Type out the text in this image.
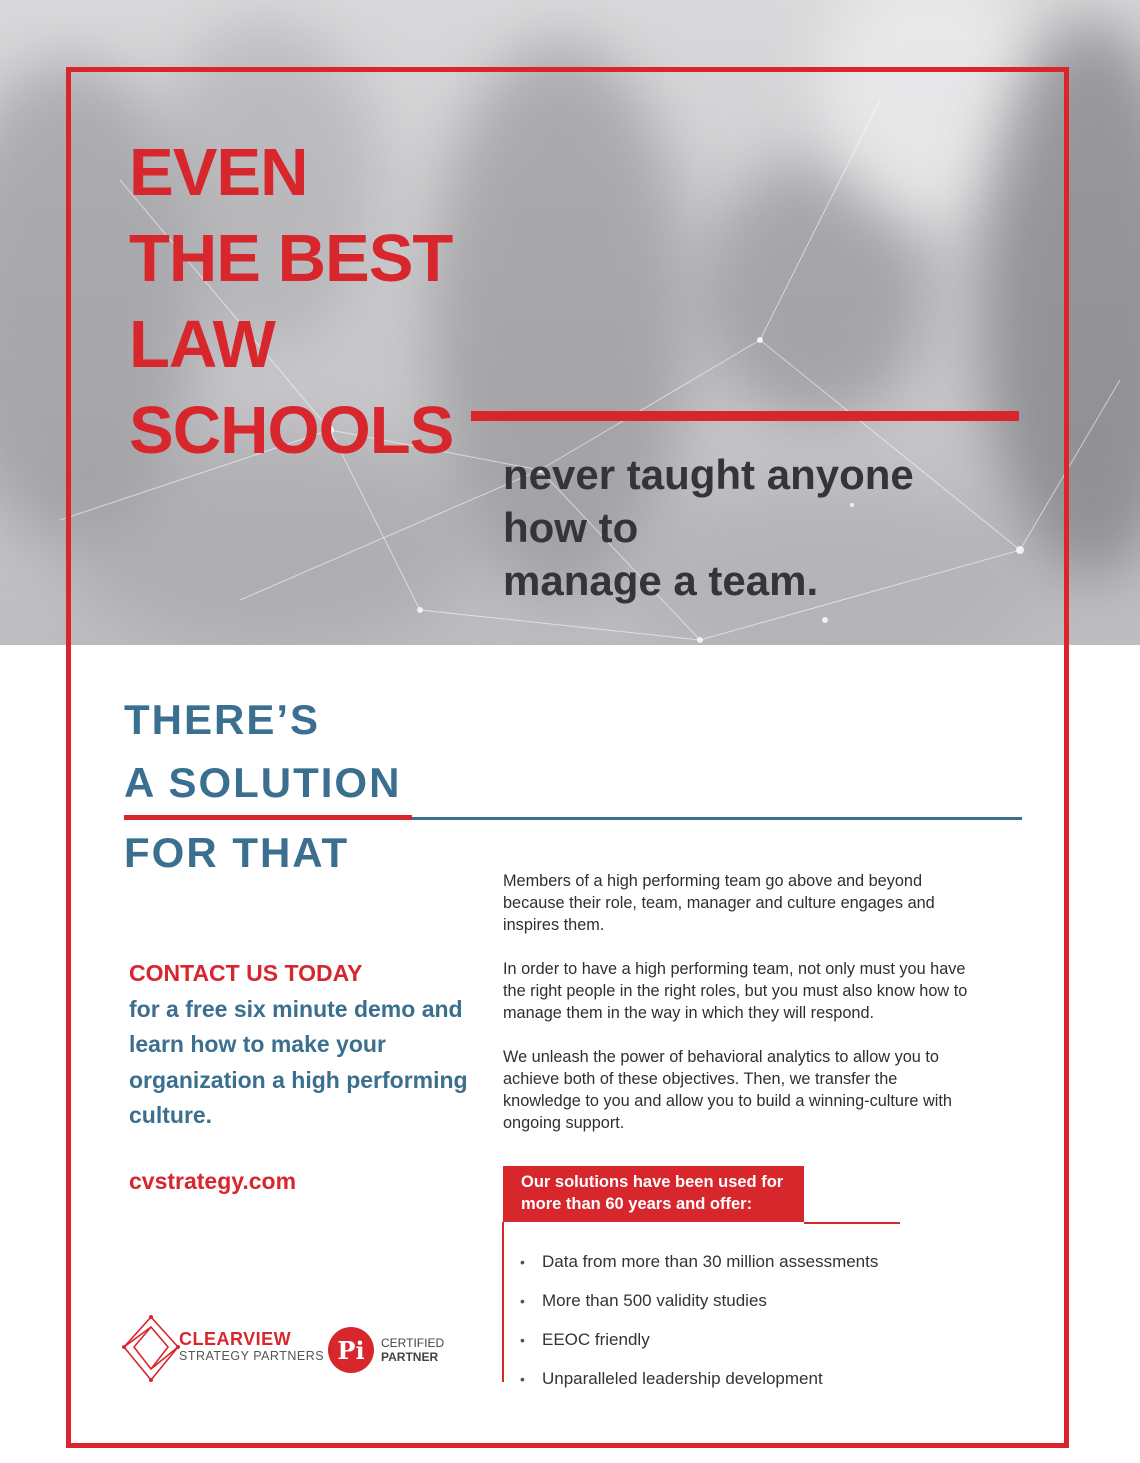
EVEN
THE BEST
LAW
SCHOOLS
never taught anyone
how to
manage a team.
THERE’S
A SOLUTION
FOR THAT

CONTACT US TODAY
for a free six minute demo and learn how to make your organization a high performing culture.

cvstrategy.com

Members of a high performing team go above and beyond because their role, team, manager and culture engages and inspires them.

In order to have a high performing team, not only must you have the right people in the right roles, but you must also know how to manage them in the way in which they will respond.

We unleash the power of behavioral analytics to allow you to achieve both of these objectives. Then, we transfer the knowledge to you and allow you to build a winning-culture with ongoing support.

Our solutions have been used for
more than 60 years and offer:
•	Data from more than 30 million assessments
•	More than 500 validity studies
•	EEOC friendly
•	Unparalleled leadership development
CLEARVIEW
STRATEGY PARTNERS Pi CERTIFIED
PARTNER
